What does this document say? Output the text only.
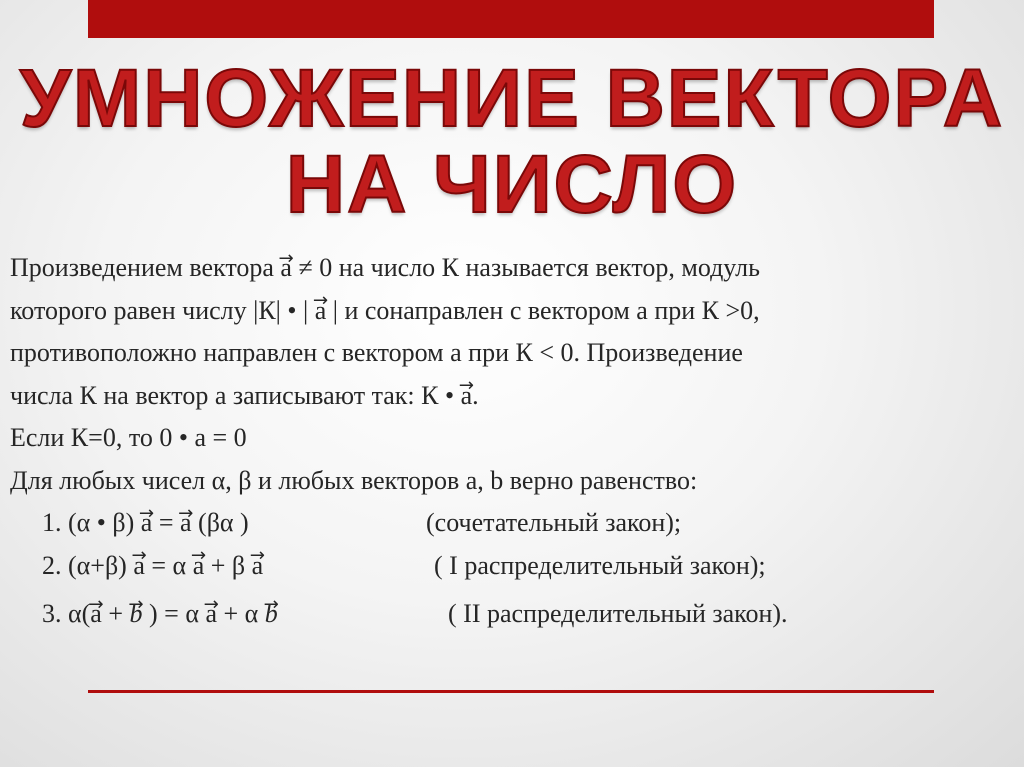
УМНОЖЕНИЕ ВЕКТОРА
НА ЧИСЛО
Произведением вектора → a ≠ 0 на число К называется вектор, модуль
которого равен числу |К| • | → a | и сонаправлен с вектором а при К >0,
противоположно направлен с вектором а при К < 0. Произведение
числа К на вектор а записывают так: К • → a.
Если К=0, то 0 • а = 0
Для любых чисел α, β и любых векторов а, b верно равенство:
1. (α • β) → a = → a (βα )	(сочетательный закон);
2. (α+β) → a = α → a + β → a	( I распределительный закон);
3. α(→ a + → b ) = α → a + α → b	( II распределительный закон).
